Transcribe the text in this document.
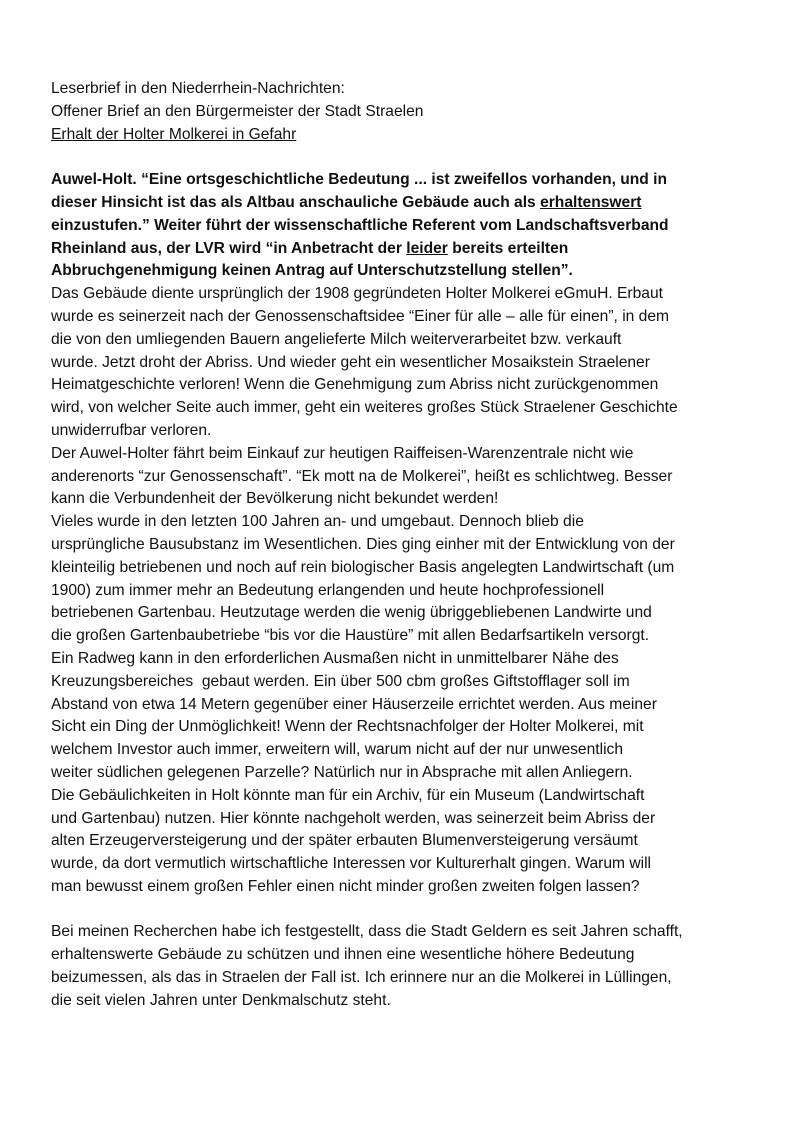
Leserbrief in den Niederrhein-Nachrichten:
Offener Brief an den Bürgermeister der Stadt Straelen
Erhalt der Holter Molkerei in Gefahr
Auwel-Holt. “Eine ortsgeschichtliche Bedeutung ... ist zweifellos vorhanden, und in
dieser Hinsicht ist das als Altbau anschauliche Gebäude auch als erhaltenswert
einzustufen.” Weiter führt der wissenschaftliche Referent vom Landschaftsverband
Rheinland aus, der LVR wird “in Anbetracht der leider bereits erteilten
Abbruchgenehmigung keinen Antrag auf Unterschutzstellung stellen”.
Das Gebäude diente ursprünglich der 1908 gegründeten Holter Molkerei eGmuH. Erbaut
wurde es seinerzeit nach der Genossenschaftsidee “Einer für alle – alle für einen”, in dem
die von den umliegenden Bauern angelieferte Milch weiterverarbeitet bzw. verkauft
wurde. Jetzt droht der Abriss. Und wieder geht ein wesentlicher Mosaikstein Straelener
Heimatgeschichte verloren! Wenn die Genehmigung zum Abriss nicht zurückgenommen
wird, von welcher Seite auch immer, geht ein weiteres großes Stück Straelener Geschichte
unwiderrufbar verloren.
Der Auwel-Holter fährt beim Einkauf zur heutigen Raiffeisen-Warenzentrale nicht wie
anderenorts “zur Genossenschaft”. “Ek mott na de Molkerei”, heißt es schlichtweg. Besser
kann die Verbundenheit der Bevölkerung nicht bekundet werden!
Vieles wurde in den letzten 100 Jahren an- und umgebaut. Dennoch blieb die
ursprüngliche Bausubstanz im Wesentlichen. Dies ging einher mit der Entwicklung von der
kleinteilig betriebenen und noch auf rein biologischer Basis angelegten Landwirtschaft (um
1900) zum immer mehr an Bedeutung erlangenden und heute hochprofessionell
betriebenen Gartenbau. Heutzutage werden die wenig übriggebliebenen Landwirte und
die großen Gartenbaubetriebe “bis vor die Haustüre” mit allen Bedarfsartikeln versorgt.
Ein Radweg kann in den erforderlichen Ausmaßen nicht in unmittelbarer Nähe des
Kreuzungsbereiches  gebaut werden. Ein über 500 cbm großes Giftstofflager soll im
Abstand von etwa 14 Metern gegenüber einer Häuserzeile errichtet werden. Aus meiner
Sicht ein Ding der Unmöglichkeit! Wenn der Rechtsnachfolger der Holter Molkerei, mit
welchem Investor auch immer, erweitern will, warum nicht auf der nur unwesentlich
weiter südlichen gelegenen Parzelle? Natürlich nur in Absprache mit allen Anliegern.
Die Gebäulichkeiten in Holt könnte man für ein Archiv, für ein Museum (Landwirtschaft
und Gartenbau) nutzen. Hier könnte nachgeholt werden, was seinerzeit beim Abriss der
alten Erzeugerversteigerung und der später erbauten Blumenversteigerung versäumt
wurde, da dort vermutlich wirtschaftliche Interessen vor Kulturerhalt gingen. Warum will
man bewusst einem großen Fehler einen nicht minder großen zweiten folgen lassen?
Bei meinen Recherchen habe ich festgestellt, dass die Stadt Geldern es seit Jahren schafft,
erhaltenswerte Gebäude zu schützen und ihnen eine wesentliche höhere Bedeutung
beizumessen, als das in Straelen der Fall ist. Ich erinnere nur an die Molkerei in Lüllingen,
die seit vielen Jahren unter Denkmalschutz steht.
